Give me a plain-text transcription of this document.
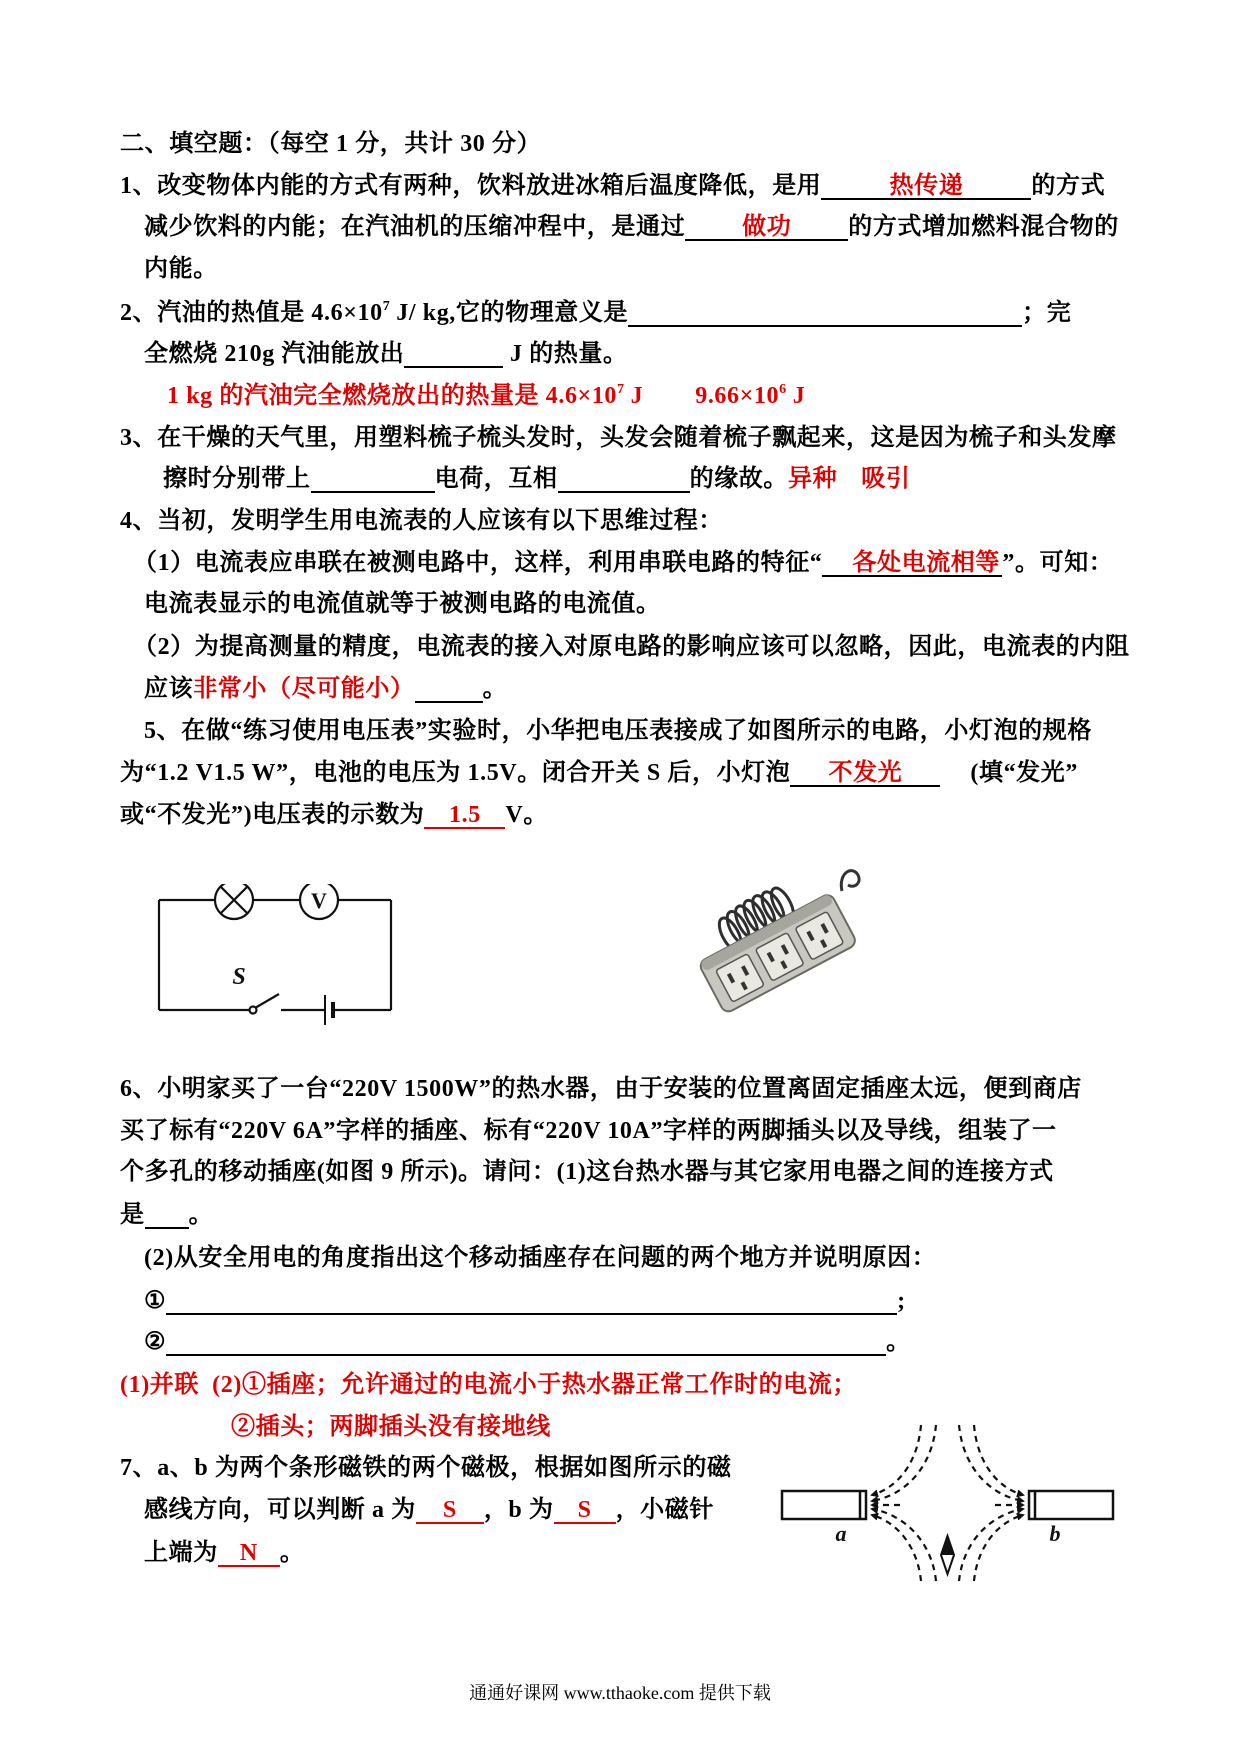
二、填空题：（每空 1 分，共计 30 分）
1、改变物体内能的方式有两种，饮料放进冰箱后温度降低，是用	热传递	的方式
减少饮料的内能；在汽油机的压缩冲程中，是通过	做功	的方式增加燃料混合物的
内能。
2、汽油的热值是 4.6×10 7 J/ kg,它的物理意义是 ​	；完
全燃烧 210g 汽油能放出 ​	J 的热量。
1 kg 的汽油完全燃烧放出的热量是 4.6×10 7 J 9.66×10 6 J
3、在干燥的天气里，用塑料梳子梳头发时，头发会随着梳子飘起来，这是因为梳子和头发摩
擦时分别带上 ​	电荷，互相 ​	的缘故。 异种 吸引
4、当初，发明学生用电流表的人应该有以下思维过程：
（1）电流表应串联在被测电路中，这样，利用串联电路的特征“	各处电流相等 ”。可知：
电流表显示的电流值就等于被测电路的电流值。
（2）为提高测量的精度，电流表的接入对原电路的影响应该可以忽略，因此，电流表的内阻
应该 非常小（尽可能小） ​	。
5、在做“练习使用电压表”实验时，小华把电压表接成了如图所示的电路，小灯泡的规格
为“1.2 V1.5 W”，电池的电压为 1.5V。闭合开关 S 后，小灯泡	不发光	(填“发光”
或“不发光”)电压表的示数为	1.5	V。
V
S
6、小明家买了一台“220V 1500W”的热水器，由于安装的位置离固定插座太远，便到商店
买了标有“220V 6A”字样的插座、标有“220V 10A”字样的两脚插头以及导线，组装了一
个多孔的移动插座(如图 9 所示)。请问：(1)这台热水器与其它家用电器之间的连接方式
是 ​ 。
(2)从安全用电的角度指出这个移动插座存在问题的两个地方并说明原因：
① ​	;
② ​	。
(1)并联  (2)①插座；允许通过的电流小于热水器正常工作时的电流；
②插头；两脚插头没有接地线
a	b
7、a、b 为两个条形磁铁的两个磁极，根据如图所示的磁
感线方向，可以判断 a 为	S	，b 为	S	，小磁针
上端为 N 。
通通好课网 www.tthaoke.com 提供下载
